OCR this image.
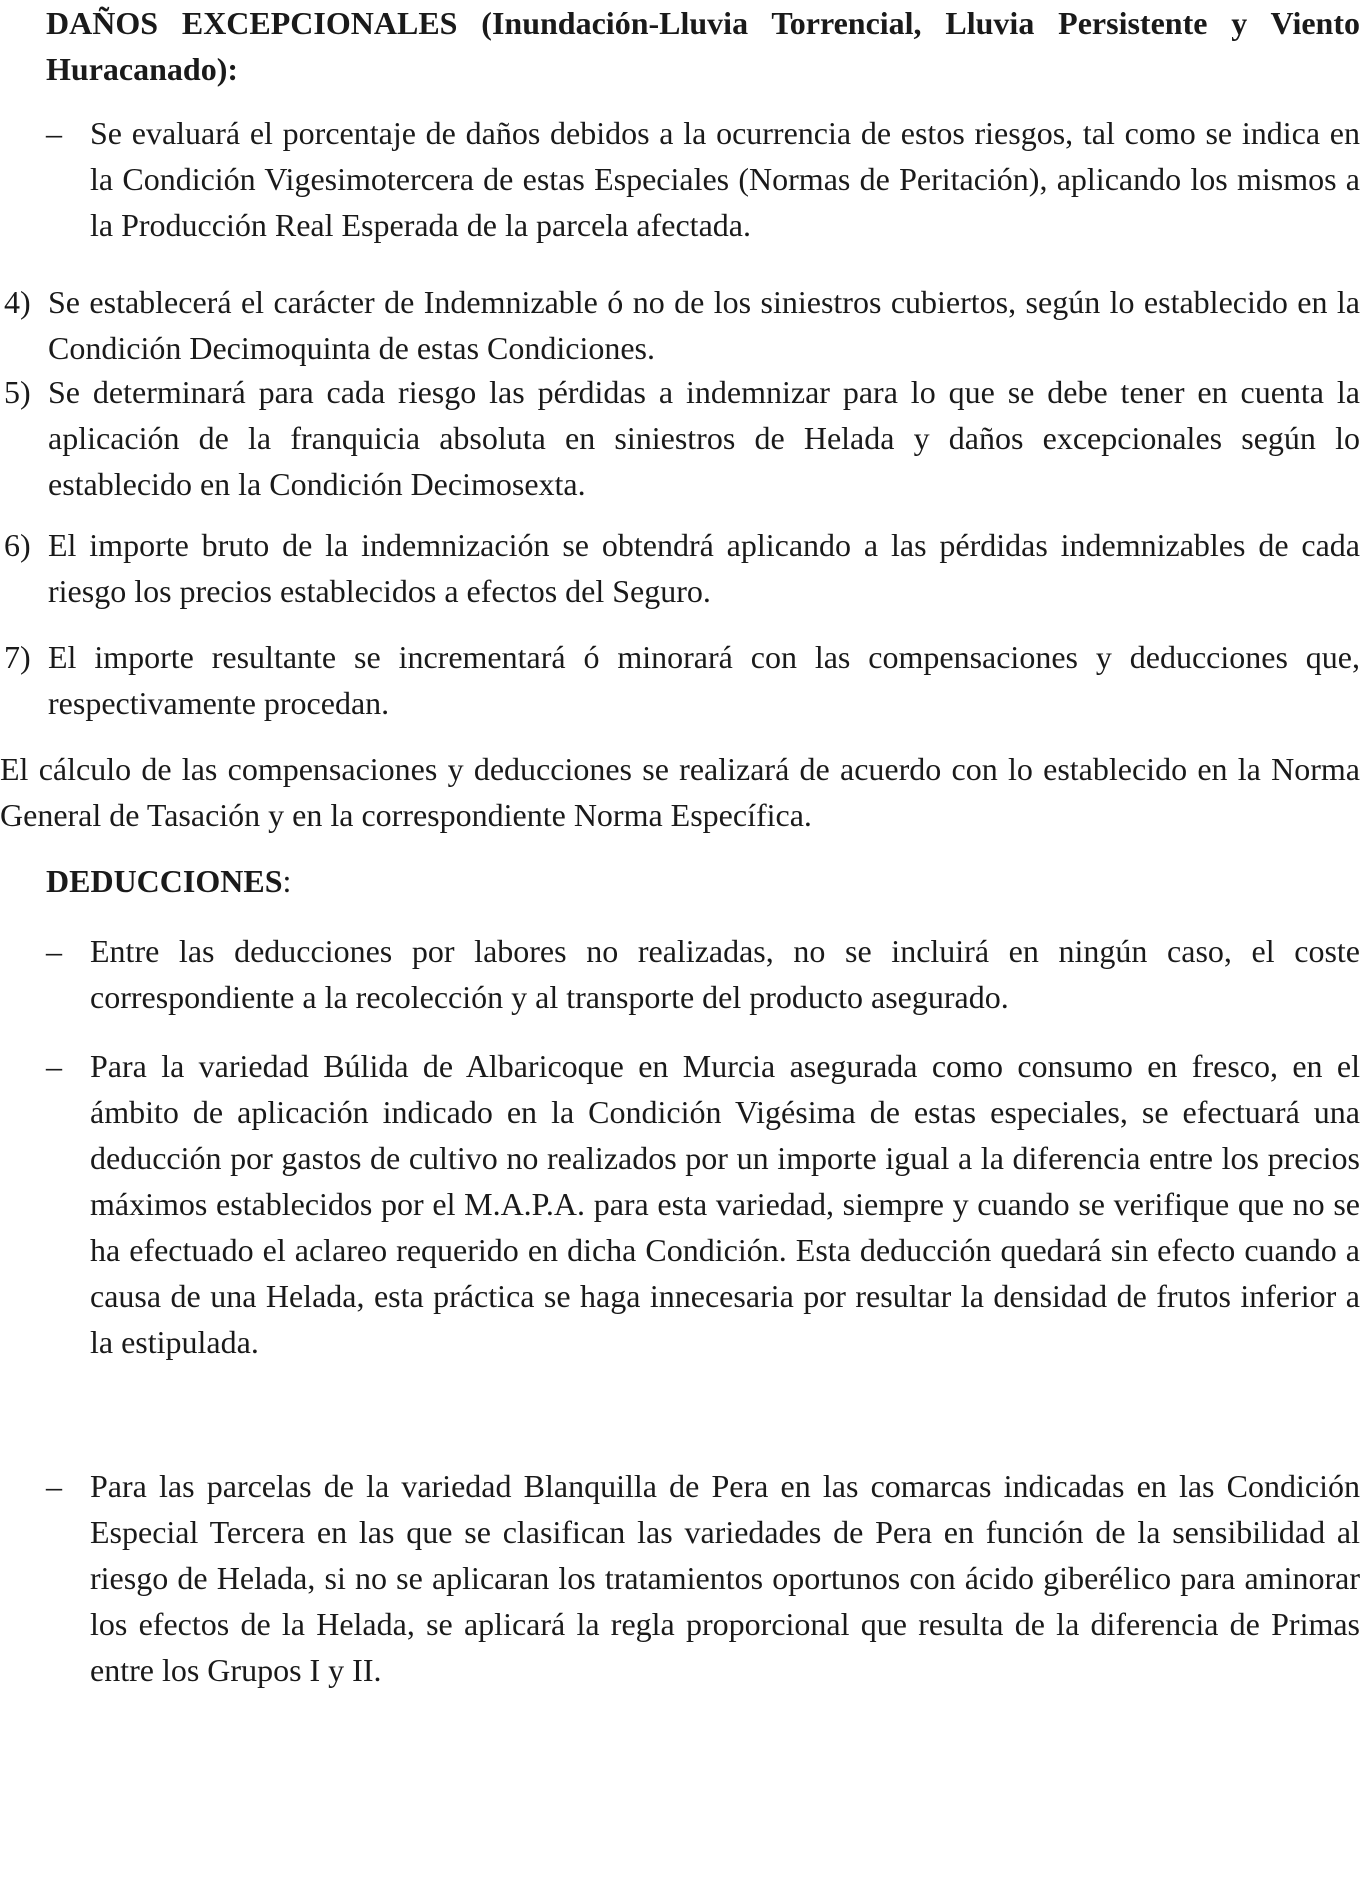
DAÑOS EXCEPCIONALES (Inundación-Lluvia Torrencial, Lluvia Persistente y Viento Huracanado):
– Se evaluará el porcentaje de daños debidos a la ocurrencia de estos riesgos, tal como se indica en la Condición Vigesimotercera de estas Especiales (Normas de Peritación), aplicando los mismos a la Producción Real Esperada de la parcela afectada.
4) Se establecerá el carácter de Indemnizable ó no de los siniestros cubiertos, según lo establecido en la Condición Decimoquinta de estas Condiciones.
5) Se determinará para cada riesgo las pérdidas a indemnizar para lo que se debe tener en cuenta la aplicación de la franquicia absoluta en siniestros de Helada y daños excepcionales según lo establecido en la Condición Decimosexta.
6) El importe bruto de la indemnización se obtendrá aplicando a las pérdidas indemnizables de cada riesgo los precios establecidos a efectos del Seguro.
7) El importe resultante se incrementará ó minorará con las compensaciones y deducciones que, respectivamente procedan.
El cálculo de las compensaciones y deducciones se realizará de acuerdo con lo establecido en la Norma General de Tasación y en la correspondiente Norma Específica.
DEDUCCIONES:
– Entre las deducciones por labores no realizadas, no se incluirá en ningún caso, el coste correspondiente a la recolección y al transporte del producto asegurado.
– Para la variedad Búlida de Albaricoque en Murcia asegurada como consumo en fresco, en el ámbito de aplicación indicado en la Condición Vigésima de estas especiales, se efectuará una deducción por gastos de cultivo no realizados por un importe igual a la diferencia entre los precios máximos establecidos por el M.A.P.A. para esta variedad, siempre y cuando se verifique que no se ha efectuado el aclareo requerido en dicha Condición. Esta deducción quedará sin efecto cuando a causa de una Helada, esta práctica se haga innecesaria por resultar la densidad de frutos inferior a la estipulada.
– Para las parcelas de la variedad Blanquilla de Pera en las comarcas indicadas en las Condición Especial Tercera en las que se clasifican las variedades de Pera en función de la sensibilidad al riesgo de Helada, si no se aplicaran los tratamientos oportunos con ácido giberélico para aminorar los efectos de la Helada, se aplicará la regla proporcional que resulta de la diferencia de Primas entre los Grupos I y II.
